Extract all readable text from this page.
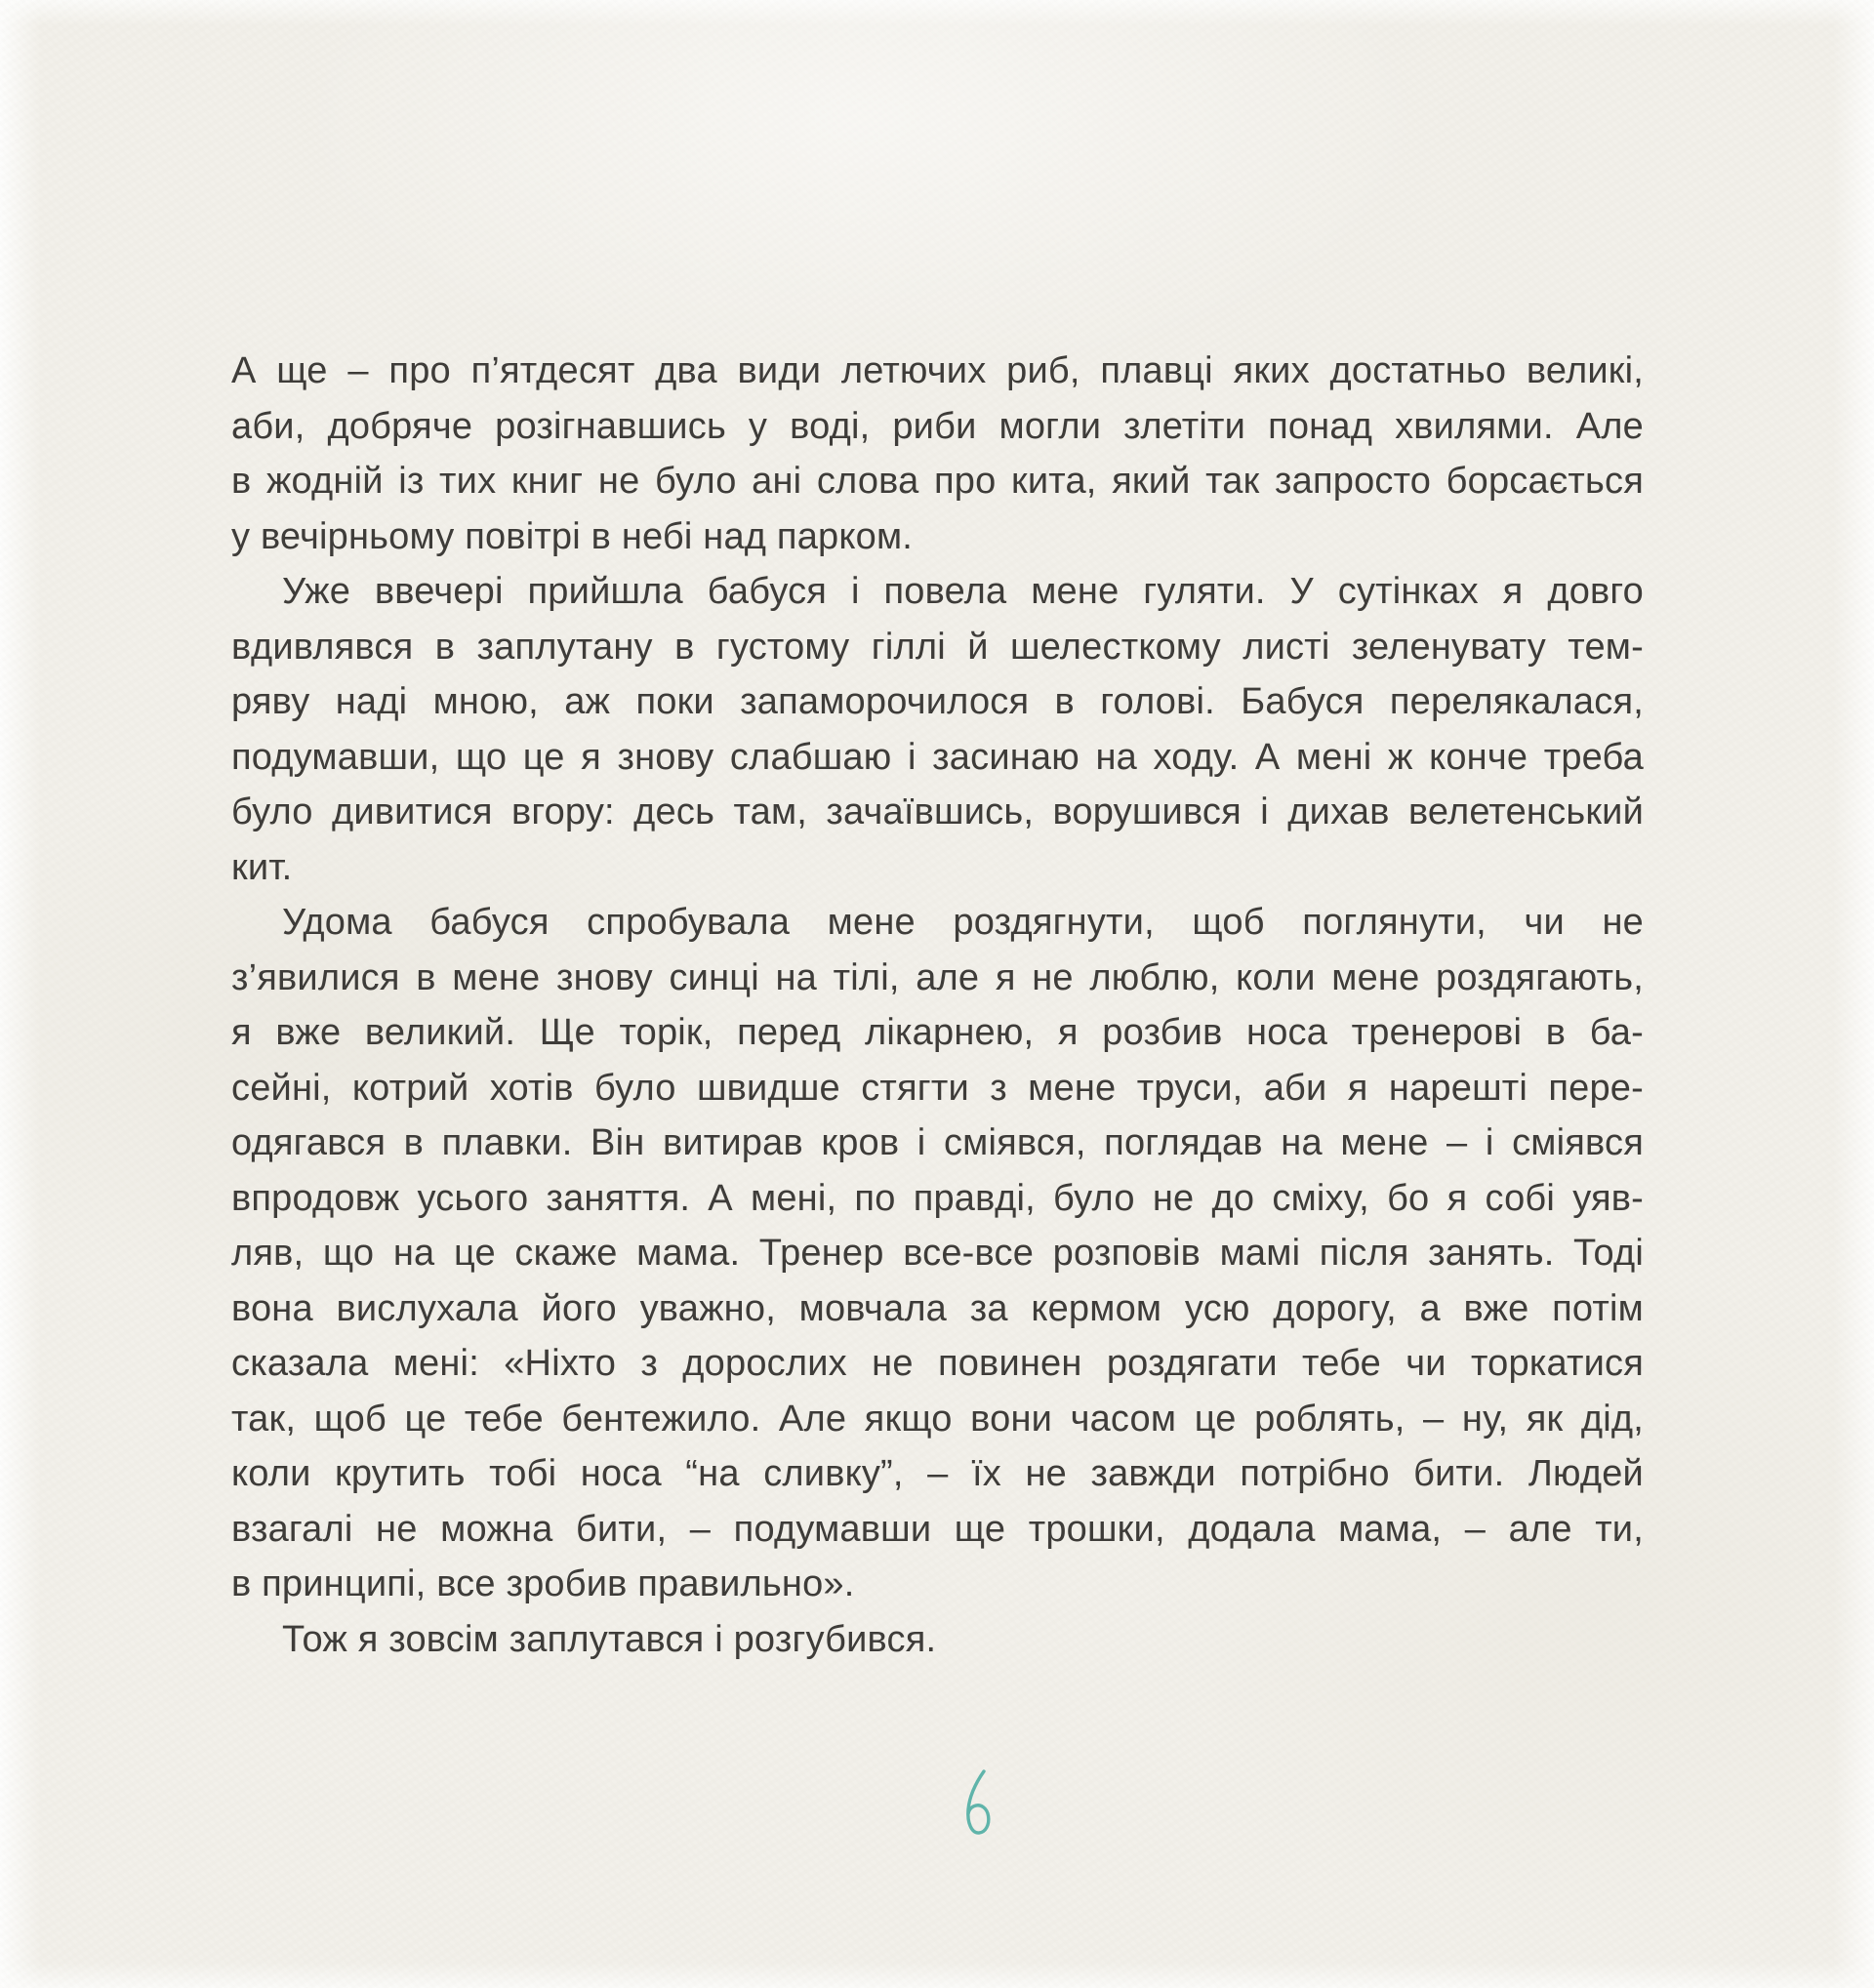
А ще – про п’ятдесят два види летючих риб, плавці яких достатньо великі,
аби, добряче розігнавшись у воді, риби могли злетіти понад хвилями. Але
в жодній із тих книг не було ані слова про кита, який так запросто борсається
у вечірньому повітрі в небі над парком.
Уже ввечері прийшла бабуся і повела мене гуляти. У сутінках я довго
вдивлявся в заплутану в густому гіллі й шелесткому листі зеленувату тем-
ряву наді мною, аж поки запаморочилося в голові. Бабуся перелякалася,
подумавши, що це я знову слабшаю і засинаю на ходу. А мені ж конче треба
було дивитися вгору: десь там, зачаївшись, ворушився і дихав велетенський
кит.
Удома бабуся спробувала мене роздягнути, щоб поглянути, чи не
з’явилися в мене знову синці на тілі, але я не люблю, коли мене роздягають,
я вже великий. Ще торік, перед лікарнею, я розбив носа тренерові в ба-
сейні, котрий хотів було швидше стягти з мене труси, аби я нарешті пере-
одягався в плавки. Він витирав кров і сміявся, поглядав на мене – і сміявся
впродовж усього заняття. А мені, по правді, було не до сміху, бо я собі уяв-
ляв, що на це скаже мама. Тренер все-все розповів мамі після занять. Тоді
вона вислухала його уважно, мовчала за кермом усю дорогу, а вже потім
сказала мені: «Ніхто з дорослих не повинен роздягати тебе чи торкатися
так, щоб це тебе бентежило. Але якщо вони часом це роблять, – ну, як дід,
коли крутить тобі носа “на сливку”, – їх не завжди потрібно бити. Людей
взагалі не можна бити, – подумавши ще трошки, додала мама, – але ти,
в принципі, все зробив правильно».
Тож я зовсім заплутався і розгубився.
